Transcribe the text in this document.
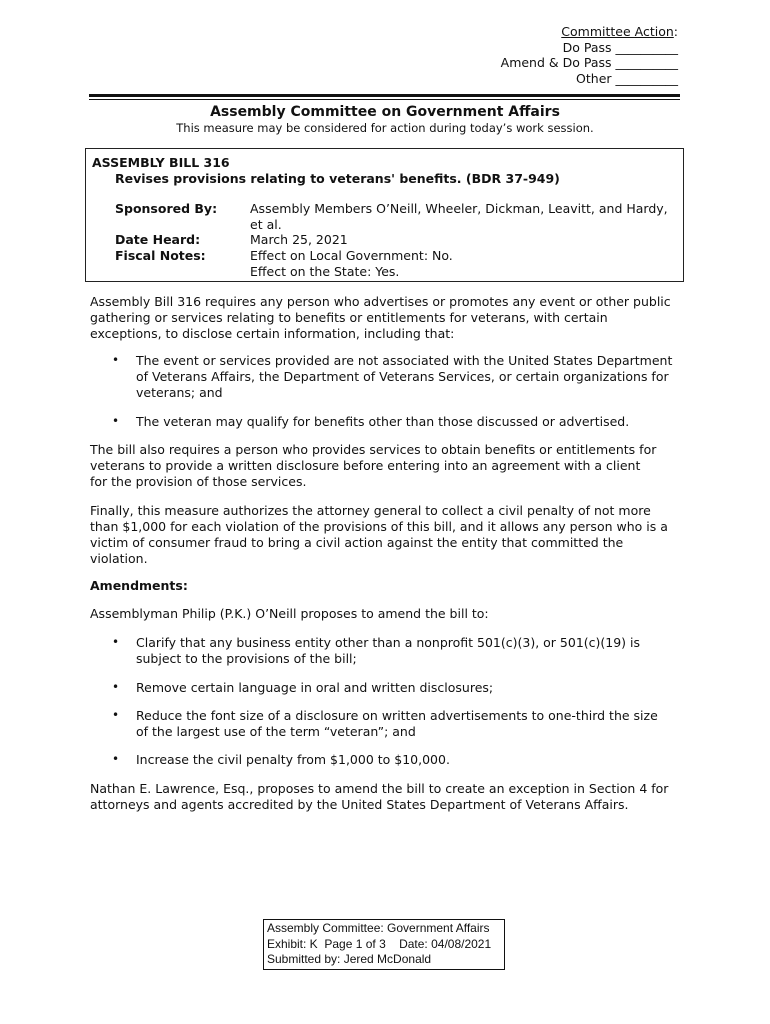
Committee Action:
Do Pass __________
Amend & Do Pass __________
Other __________
Assembly Committee on Government Affairs
This measure may be considered for action during today’s work session.
ASSEMBLY BILL 316
Revises provisions relating to veterans' benefits. (BDR 37-949)
Sponsored By:	Assembly Members O’Neill, Wheeler, Dickman, Leavitt, and Hardy,
et al.
Date Heard:	March 25, 2021
Fiscal Notes:	Effect on Local Government: No.
Effect on the State: Yes.
Assembly Bill 316 requires any person who advertises or promotes any event or other public
gathering or services relating to benefits or entitlements for veterans, with certain
exceptions, to disclose certain information, including that:
• The event or services provided are not associated with the United States Department
of Veterans Affairs, the Department of Veterans Services, or certain organizations for
veterans; and
• The veteran may qualify for benefits other than those discussed or advertised.
The bill also requires a person who provides services to obtain benefits or entitlements for
veterans to provide a written disclosure before entering into an agreement with a client
for the provision of those services.
Finally, this measure authorizes the attorney general to collect a civil penalty of not more
than $1,000 for each violation of the provisions of this bill, and it allows any person who is a
victim of consumer fraud to bring a civil action against the entity that committed the
violation.
Amendments:
Assemblyman Philip (P.K.) O’Neill proposes to amend the bill to:
• Clarify that any business entity other than a nonprofit 501(c)(3), or 501(c)(19) is
subject to the provisions of the bill;
• Remove certain language in oral and written disclosures;
• Reduce the font size of a disclosure on written advertisements to one-third the size
of the largest use of the term “veteran”; and
• Increase the civil penalty from $1,000 to $10,000.
Nathan E. Lawrence, Esq., proposes to amend the bill to create an exception in Section 4 for
attorneys and agents accredited by the United States Department of Veterans Affairs.
Assembly Committee: Government Affairs
Exhibit: K  Page 1 of 3    Date: 04/08/2021
Submitted by: Jered McDonald
